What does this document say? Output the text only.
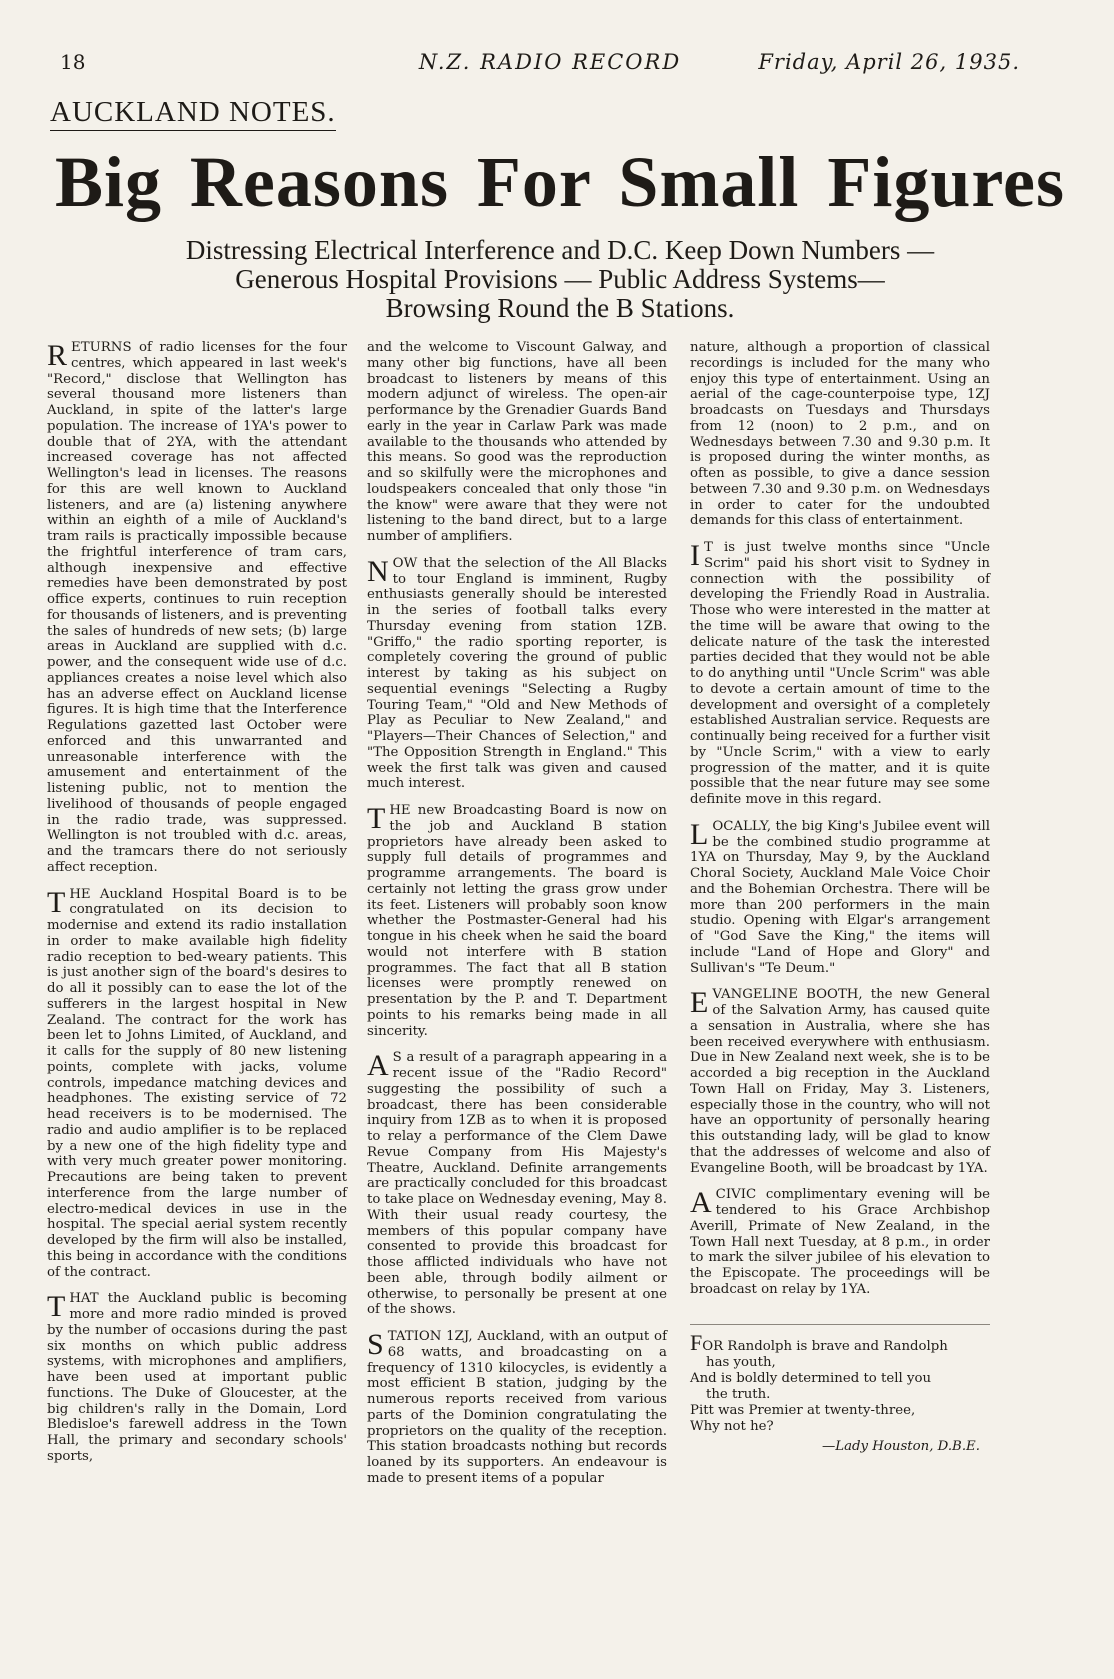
18	N.Z. RADIO RECORD	Friday, April 26, 1935.
AUCKLAND NOTES.
Big Reasons For Small Figures
Distressing Electrical Interference and D.C. Keep Down Numbers —
Generous Hospital Provisions — Public Address Systems—
Browsing Round the B Stations.

RETURNS of radio licenses for the four centres, which appeared in last week's "Record," disclose that Wellington has several thousand more listeners than Auckland, in spite of the latter's large population. The increase of 1YA's power to double that of 2YA, with the attendant increased coverage has not affected Wellington's lead in licenses. The reasons for this are well known to Auckland listeners, and are (a) listening anywhere within an eighth of a mile of Auckland's tram rails is practically impossible because the frightful interference of tram cars, although inexpensive and effective remedies have been demonstrated by post office experts, continues to ruin reception for thousands of listeners, and is preventing the sales of hundreds of new sets; (b) large areas in Auckland are supplied with d.c. power, and the consequent wide use of d.c. appliances creates a noise level which also has an adverse effect on Auckland license figures. It is high time that the Interference Regulations gazetted last October were enforced and this unwarranted and unreasonable interference with the amusement and entertainment of the listening public, not to mention the livelihood of thousands of people engaged in the radio trade, was suppressed. Wellington is not troubled with d.c. areas, and the tramcars there do not seriously affect reception.

THE Auckland Hospital Board is to be congratulated on its decision to modernise and extend its radio installation in order to make available high fidelity radio reception to bed-weary patients. This is just another sign of the board's desires to do all it possibly can to ease the lot of the sufferers in the largest hospital in New Zealand. The contract for the work has been let to Johns Limited, of Auckland, and it calls for the supply of 80 new listening points, complete with jacks, volume controls, impedance matching devices and headphones. The existing service of 72 head receivers is to be modernised. The radio and audio amplifier is to be replaced by a new one of the high fidelity type and with very much greater power monitoring. Precautions are being taken to prevent interference from the large number of electro-medical devices in use in the hospital. The special aerial system recently developed by the firm will also be installed, this being in accordance with the conditions of the contract.

THAT the Auckland public is becoming more and more radio minded is proved by the number of occasions during the past six months on which public address systems, with microphones and amplifiers, have been used at important public functions. The Duke of Gloucester, at the big children's rally in the Domain, Lord Bledisloe's farewell address in the Town Hall, the primary and secondary schools' sports,

and the welcome to Viscount Galway, and many other big functions, have all been broadcast to listeners by means of this modern adjunct of wireless. The open-air performance by the Grenadier Guards Band early in the year in Carlaw Park was made available to the thousands who attended by this means. So good was the reproduction and so skilfully were the microphones and loudspeakers concealed that only those "in the know" were aware that they were not listening to the band direct, but to a large number of amplifiers.

NOW that the selection of the All Blacks to tour England is imminent, Rugby enthusiasts generally should be interested in the series of football talks every Thursday evening from station 1ZB. "Griffo," the radio sporting reporter, is completely covering the ground of public interest by taking as his subject on sequential evenings "Selecting a Rugby Touring Team," "Old and New Methods of Play as Peculiar to New Zealand," and "Players—Their Chances of Selection," and "The Opposition Strength in England." This week the first talk was given and caused much interest.

THE new Broadcasting Board is now on the job and Auckland B station proprietors have already been asked to supply full details of programmes and programme arrangements. The board is certainly not letting the grass grow under its feet. Listeners will probably soon know whether the Postmaster-General had his tongue in his cheek when he said the board would not interfere with B station programmes. The fact that all B station licenses were promptly renewed on presentation by the P. and T. Department points to his remarks being made in all sincerity.

A S a result of a paragraph appearing in a recent issue of the "Radio Record" suggesting the possibility of such a broadcast, there has been considerable inquiry from 1ZB as to when it is proposed to relay a performance of the Clem Dawe Revue Company from His Majesty's Theatre, Auckland. Definite arrangements are practically concluded for this broadcast to take place on Wednesday evening, May 8. With their usual ready courtesy, the members of this popular company have consented to provide this broadcast for those afflicted individuals who have not been able, through bodily ailment or otherwise, to personally be present at one of the shows.

STATION 1ZJ, Auckland, with an output of 68 watts, and broadcasting on a frequency of 1310 kilocycles, is evidently a most efficient B station, judging by the numerous reports received from various parts of the Dominion congratulating the proprietors on the quality of the reception. This station broadcasts nothing but records loaned by its supporters. An endeavour is made to present items of a popular

nature, although a proportion of classical recordings is included for the many who enjoy this type of entertainment. Using an aerial of the cage-counterpoise type, 1ZJ broadcasts on Tuesdays and Thursdays from 12 (noon) to 2 p.m., and on Wednesdays between 7.30 and 9.30 p.m. It is proposed during the winter months, as often as possible, to give a dance session between 7.30 and 9.30 p.m. on Wednesdays in order to cater for the undoubted demands for this class of entertainment.

I T is just twelve months since "Uncle Scrim" paid his short visit to Sydney in connection with the possibility of developing the Friendly Road in Australia. Those who were interested in the matter at the time will be aware that owing to the delicate nature of the task the interested parties decided that they would not be able to do anything until "Uncle Scrim" was able to devote a certain amount of time to the development and oversight of a completely established Australian service. Requests are continually being received for a further visit by "Uncle Scrim," with a view to early progression of the matter, and it is quite possible that the near future may see some definite move in this regard.

LOCALLY, the big King's Jubilee event will be the combined studio programme at 1YA on Thursday, May 9, by the Auckland Choral Society, Auckland Male Voice Choir and the Bohemian Orchestra. There will be more than 200 performers in the main studio. Opening with Elgar's arrangement of "God Save the King," the items will include "Land of Hope and Glory" and Sullivan's "Te Deum."

EVANGELINE BOOTH, the new General of the Salvation Army, has caused quite a sensation in Australia, where she has been received everywhere with enthusiasm. Due in New Zealand next week, she is to be accorded a big reception in the Auckland Town Hall on Friday, May 3. Listeners, especially those in the country, who will not have an opportunity of personally hearing this outstanding lady, will be glad to know that the addresses of welcome and also of Evangeline Booth, will be broadcast by 1YA.

A CIVIC complimentary evening will be tendered to his Grace Archbishop Averill, Primate of New Zealand, in the Town Hall next Tuesday, at 8 p.m., in order to mark the silver jubilee of his elevation to the Episcopate. The proceedings will be broadcast on relay by 1YA.

FOR Randolph is brave and Randolph
has youth,
And is boldly determined to tell you
the truth.
Pitt was Premier at twenty-three,
Why not he?
—Lady Houston, D.B.E.
